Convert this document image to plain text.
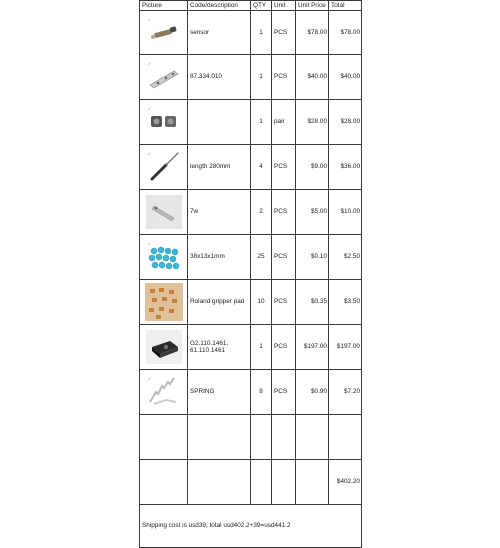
Picture	Code/description	QTY	Unit	Unit Price	Total

✓	sensor	1	PCS	$78.00	$78.00

✓	87.334.010	1	PCS	$40.00	$40.00

✓		1	pair	$28.00	$28.00

✓	length 280mm	4	PCS	$9.00	$36.00

	7w	2	PCS	$5.00	$10.00

✓	38x13x1mm	25	PCS	$0.10	$2.50

	Roland gripper pad	10	PCS	$0.35	$3.50

	G2.110.1461, 61.110.1461	1	PCS	$197.00	$197.00

✓	SPRING	8	PCS	$0.90	$7.20

					$402.20
Shipping cost is usd39, total usd402.2+39=usd441.2					
